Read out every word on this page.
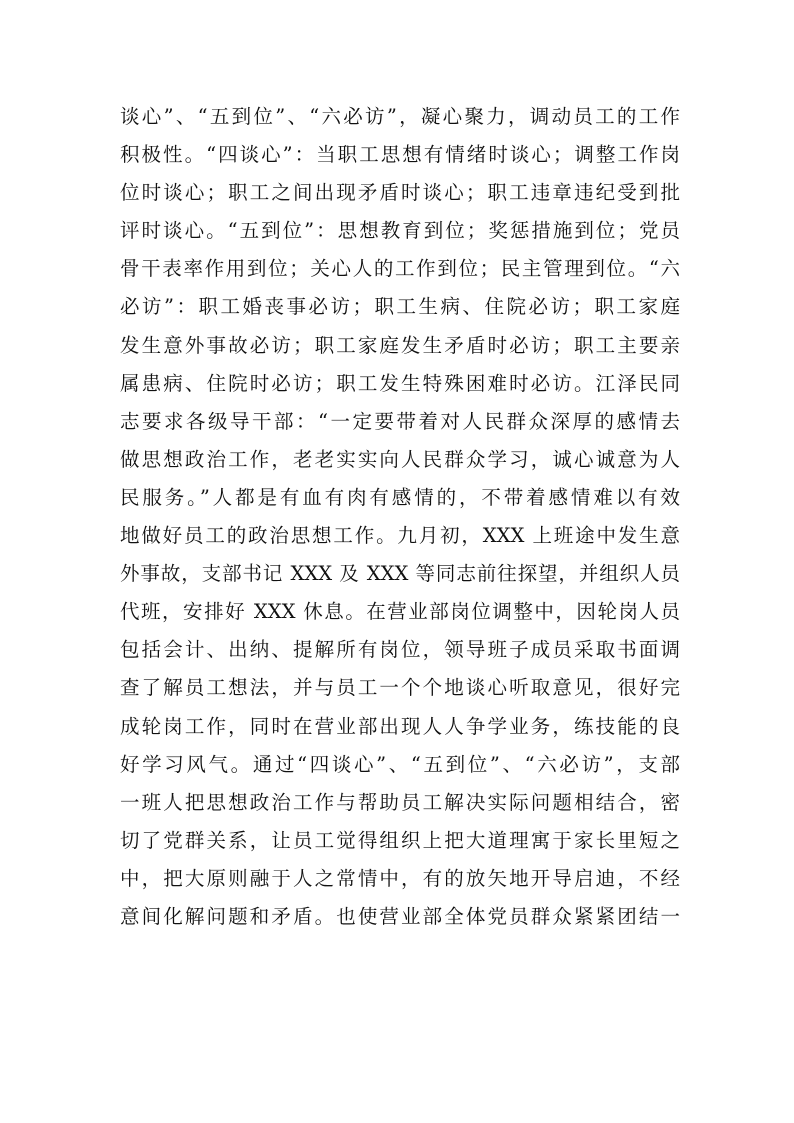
谈心”、“五到位”、“六必访”，凝心聚力，调动员工的工作
积极性。“四谈心”：当职工思想有情绪时谈心；调整工作岗
位时谈心；职工之间出现矛盾时谈心；职工违章违纪受到批
评时谈心。“五到位”：思想教育到位；奖惩措施到位；党员
骨干表率作用到位；关心人的工作到位；民主管理到位。“六
必访”：职工婚丧事必访；职工生病、住院必访；职工家庭
发生意外事故必访；职工家庭发生矛盾时必访；职工主要亲
属患病、住院时必访；职工发生特殊困难时必访。江泽民同
志要求各级导干部：“一定要带着对人民群众深厚的感情去
做思想政治工作，老老实实向人民群众学习，诚心诚意为人
民服务。”人都是有血有肉有感情的，不带着感情难以有效
地做好员工的政治思想工作。九月初，XXX 上班途中发生意
外事故，支部书记 XXX 及 XXX 等同志前往探望，并组织人员
代班，安排好 XXX 休息。在营业部岗位调整中，因轮岗人员
包括会计、出纳、提解所有岗位，领导班子成员采取书面调
查了解员工想法，并与员工一个个地谈心听取意见，很好完
成轮岗工作，同时在营业部出现人人争学业务，练技能的良
好学习风气。通过“四谈心”、“五到位”、“六必访”，支部
一班人把思想政治工作与帮助员工解决实际问题相结合，密
切了党群关系，让员工觉得组织上把大道理寓于家长里短之
中，把大原则融于人之常情中，有的放矢地开导启迪，不经
意间化解问题和矛盾。也使营业部全体党员群众紧紧团结一
